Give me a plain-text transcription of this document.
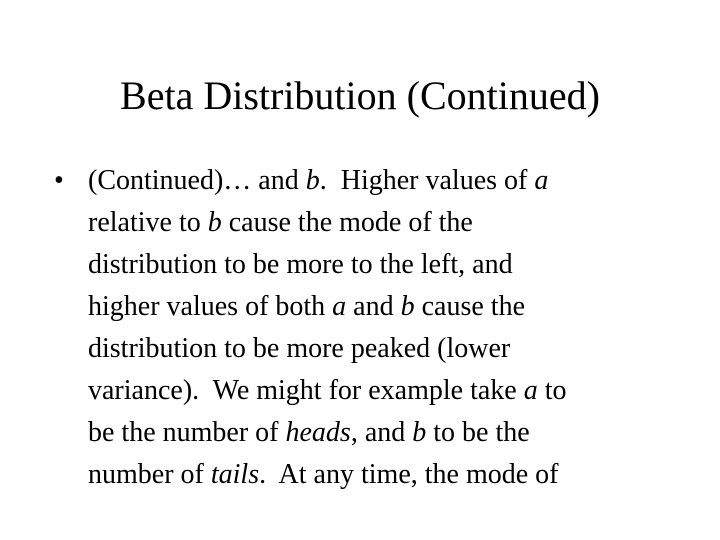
Beta Distribution (Continued)
• (Continued)… and b.  Higher values of a
relative to b cause the mode of the
distribution to be more to the left, and
higher values of both a and b cause the
distribution to be more peaked (lower
variance).  We might for example take a to
be the number of heads, and b to be the
number of tails.  At any time, the mode of
